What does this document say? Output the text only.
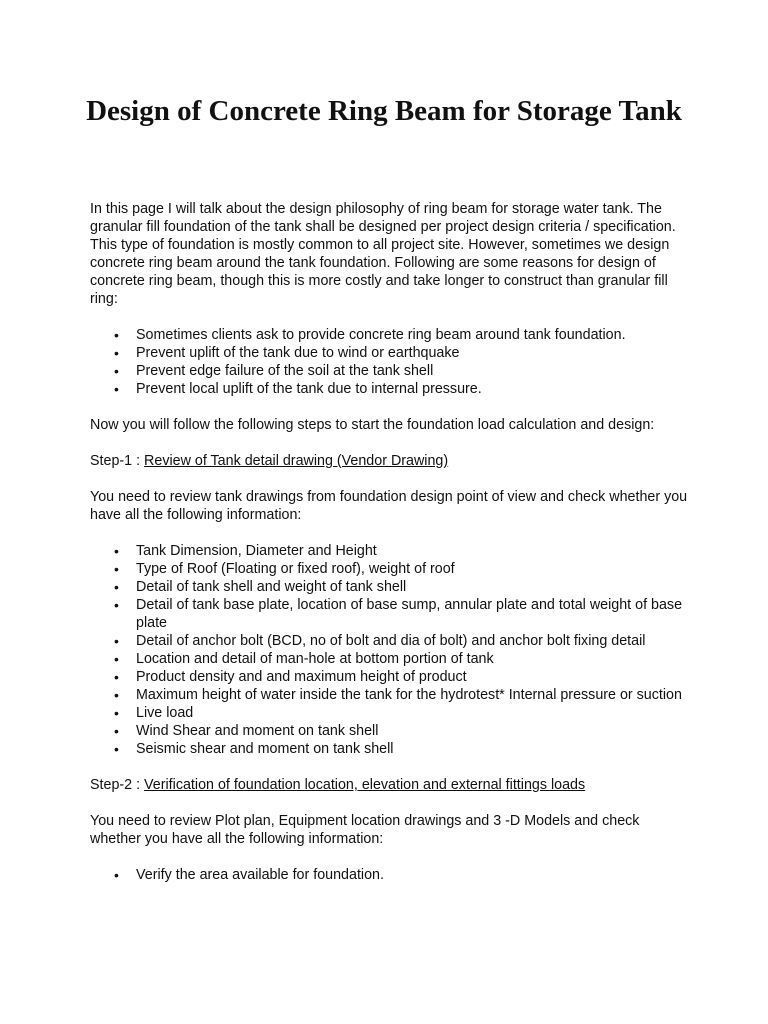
Design of Concrete Ring Beam for Storage Tank

In this page I will talk about the design philosophy of ring beam for storage water tank. The granular fill foundation of the tank shall be designed per project design criteria / specification. This type of foundation is mostly common to all project site. However, sometimes we design concrete ring beam around the tank foundation. Following are some reasons for design of concrete ring beam, though this is more costly and take longer to construct than granular fill ring:

• Sometimes clients ask to provide concrete ring beam around tank foundation.
• Prevent uplift of the tank due to wind or earthquake
• Prevent edge failure of the soil at the tank shell
• Prevent local uplift of the tank due to internal pressure.

Now you will follow the following steps to start the foundation load calculation and design:

Step-1 : Review of Tank detail drawing (Vendor Drawing)

You need to review tank drawings from foundation design point of view and check whether you have all the following information:

• Tank Dimension, Diameter and Height
• Type of Roof (Floating or fixed roof), weight of roof
• Detail of tank shell and weight of tank shell
• Detail of tank base plate, location of base sump, annular plate and total weight of base plate
• Detail of anchor bolt (BCD, no of bolt and dia of bolt) and anchor bolt fixing detail
• Location and detail of man-hole at bottom portion of tank
• Product density and and maximum height of product
• Maximum height of water inside the tank for the hydrotest* Internal pressure or suction
• Live load
• Wind Shear and moment on tank shell
• Seismic shear and moment on tank shell

Step-2 : Verification of foundation location, elevation and external fittings loads

You need to review Plot plan, Equipment location drawings and 3 -D Models and check whether you have all the following information:

• Verify the area available for foundation.
